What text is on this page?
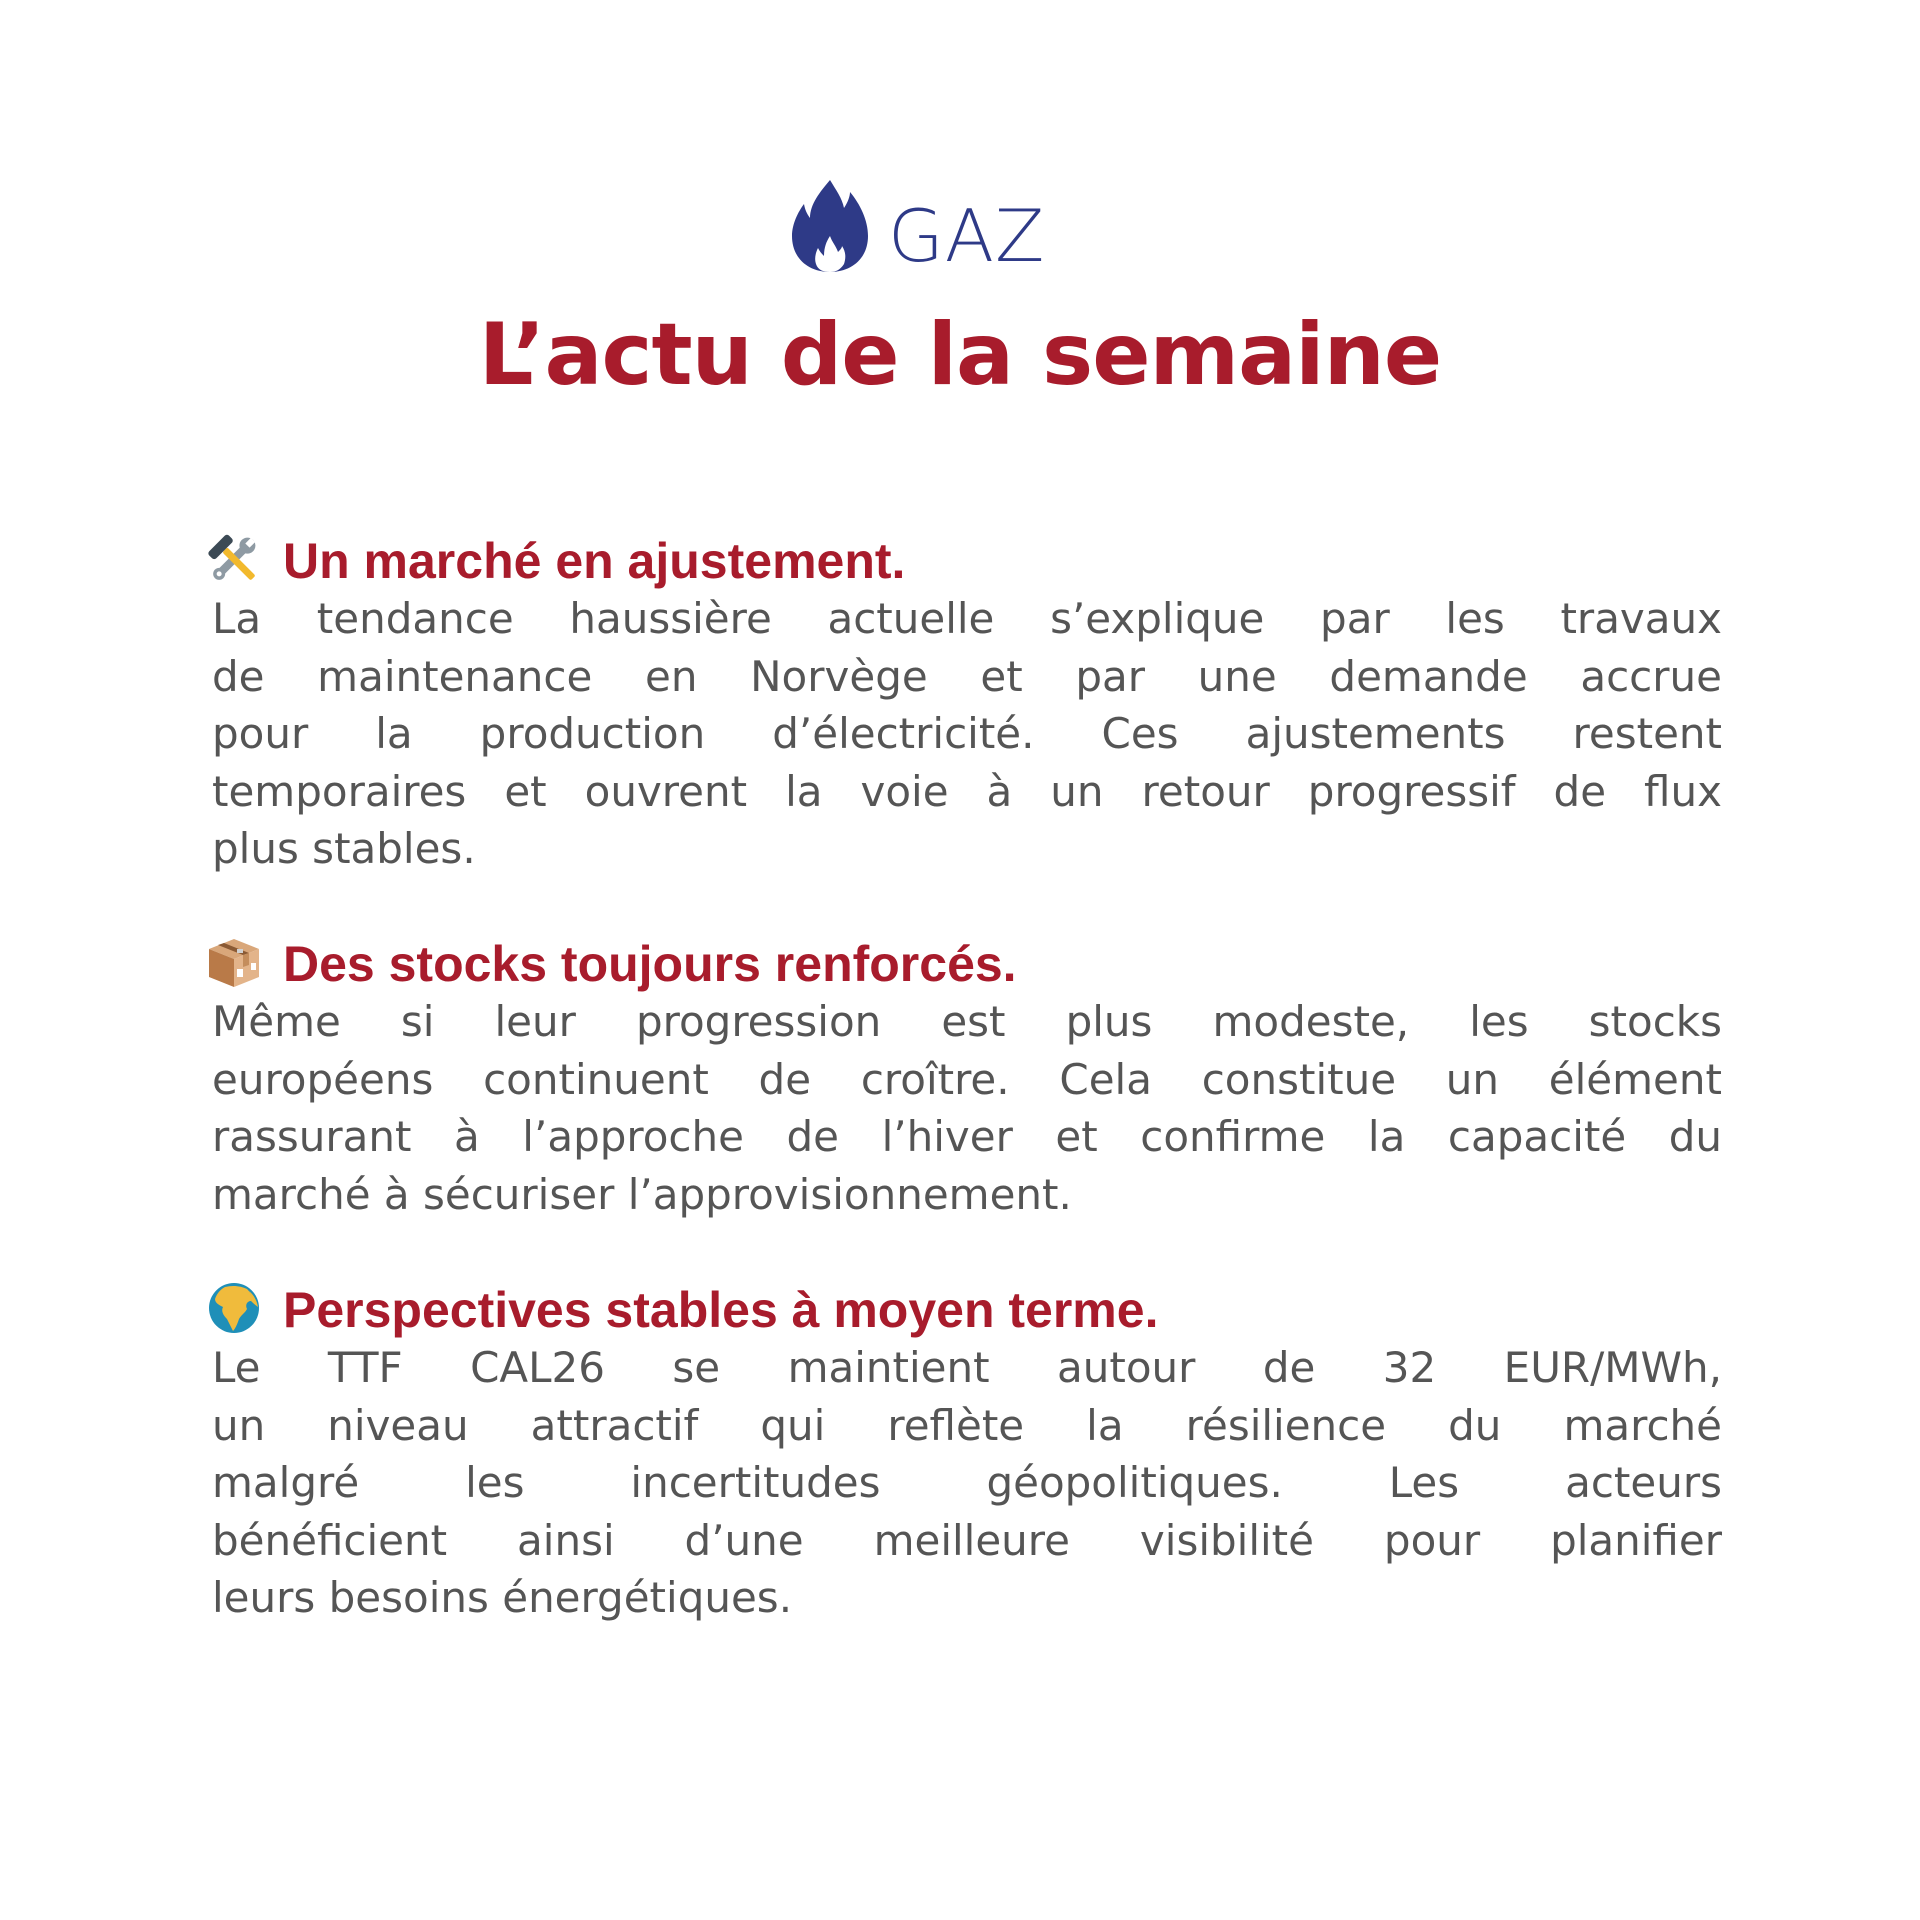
GAZ
L’actu de la semaine
Un marché en ajustement.
La tendance haussière actuelle s’explique par les travaux
de maintenance en Norvège et par une demande accrue
pour la production d’électricité. Ces ajustements restent
temporaires et ouvrent la voie à un retour progressif de flux
plus stables.
Des stocks toujours renforcés.
Même si leur progression est plus modeste, les stocks
européens continuent de croître. Cela constitue un élément
rassurant à l’approche de l’hiver et confirme la capacité du
marché à sécuriser l’approvisionnement.
Perspectives stables à moyen terme.
Le TTF CAL26 se maintient autour de 32 EUR/MWh,
un niveau attractif qui reflète la résilience du marché
malgré les incertitudes géopolitiques. Les acteurs
bénéficient ainsi d’une meilleure visibilité pour planifier
leurs besoins énergétiques.
